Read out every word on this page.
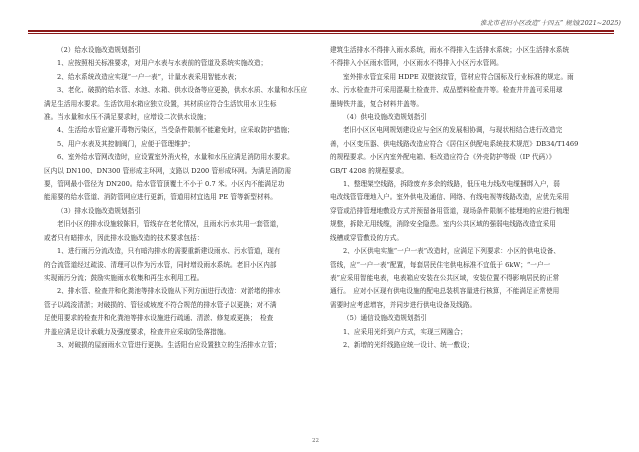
淮北市老旧小区改造“十四五” 规划(2021~2025)

（2）给水设施改造规划指引

1、应按照相关标准要求，对用户水表与水表前的管道及系统实施改造；

2、给水系统改造应实现“一户一表”，计量水表采用智能水表；

3、老化、破损的给水管、水池、水箱、供水设备等应更换，供水水质、水量和水压应

满足生活用水要求。生活饮用水箱应独立设置，其材质应符合生活饮用水卫生标

准。当水量和水压不满足要求时，应增设二次供水设施；

4、生活给水管应避开毒物污染区，当受条件限制不能避免时，应采取防护措施；

5、用户水表及其控制阀门，应便于管理维护；

6、室外给水管网改造时，应设置室外消火栓，水量和水压应满足消防用水要求。

区内以 DN100、DN300 管形成主环网，支路以 D200 管形成环网。为满足消防需

要，管网最小管径为 DN200。给水管管顶覆土不小于 0.7 米。小区内不能满足功

能需要的给水管道、消防管网应进行更新，管道用材宜选用 PE 管等新型材料。

（3）排水设施改造规划指引

老旧小区的排水设施较陈旧，管线存在老化情况，且雨水污水共用一套管道，

或者只有暗排水，因此排水设施改造的技术要求包括：

1、进行雨污分流改造，只有暗沟排水的需要重新建设雨水、污水管道，现有

的合流管道经过疏浚、清理可以作为污水管，同时增设雨水系统。老旧小区内部

实现雨污分流；鼓励实施雨水收集和再生水利用工程。

2、排水管、检查井和化粪池等排水设施从下列方面进行改造：对淤堵的排水

管子以疏浚清淤；对破损的、管径或坡度不符合规范的排水管子以更换；对不满

足使用要求的检查井和化粪池等排水设施进行疏通、清淤、修复或更换；　检查

井盖应满足设计承载力及强度要求，检查井应采取防坠落措施。

3、对破损的屋面雨水立管进行更换。生活阳台应设置独立的生活排水立管；

建筑生活排水不得排入雨水系统，雨水不得排入生活排水系统；小区生活排水系统

不得排入小区雨水管网，小区雨水不得排入小区污水管网。

室外排水管宜采用 HDPE 双壁波纹管，管材应符合国标及行业标准的规定。雨

水、污水检查井可采用混凝土检查井、成品塑料检查井等。检查井井盖可采用球

墨铸铁井盖，复合材料井盖等。

（4）供电设施改造规划指引

老旧小区区电网规划建设应与全区的发展相协调，与现状相结合进行改造完

善，小区变压器、供电线路改造应符合《居住区供配电系统技术规范》DB34/T1469

的规程要求。小区内室外配电箱、柜改造应符合《外壳防护等级（IP 代码）》

GB/T 4208 的规程要求。

1、整理架空线路，拆除废弃多余的线路，低压电力线改电缆捆绑入户，弱

电改线管管理地入户。室外供电及通信、网络、有线电视等线路改造，应优先采用

穿管或沿排管埋地敷设方式并预留备用管道，现场条件限制不能埋地的应进行梳理

规整，拆除无用线缆，消除安全隐患。室内公共区域的强弱电线路改造宜采用

线槽或穿管敷设的方式。

2、小区供电实施“一户一表”改造时，应满足下列要求：小区的供电设备、

管线，应“一户一表”配置，每套居民住宅供电标准不宜低于 6kW；“一户一

表”应采用智能电表，电表箱应安装在公共区域，安装位置不得影响居民的正常

通行。　应对小区现有供电设施的配电总装机容量进行核算，不能满足正常使用

需要时应考虑增容，并同步进行供电设备及线路。

（5）通信设施改造规划指引

1、应采用光纤到户方式，实现三网融合；

2、新增的光纤线路应统一设计、统一敷设；

22
